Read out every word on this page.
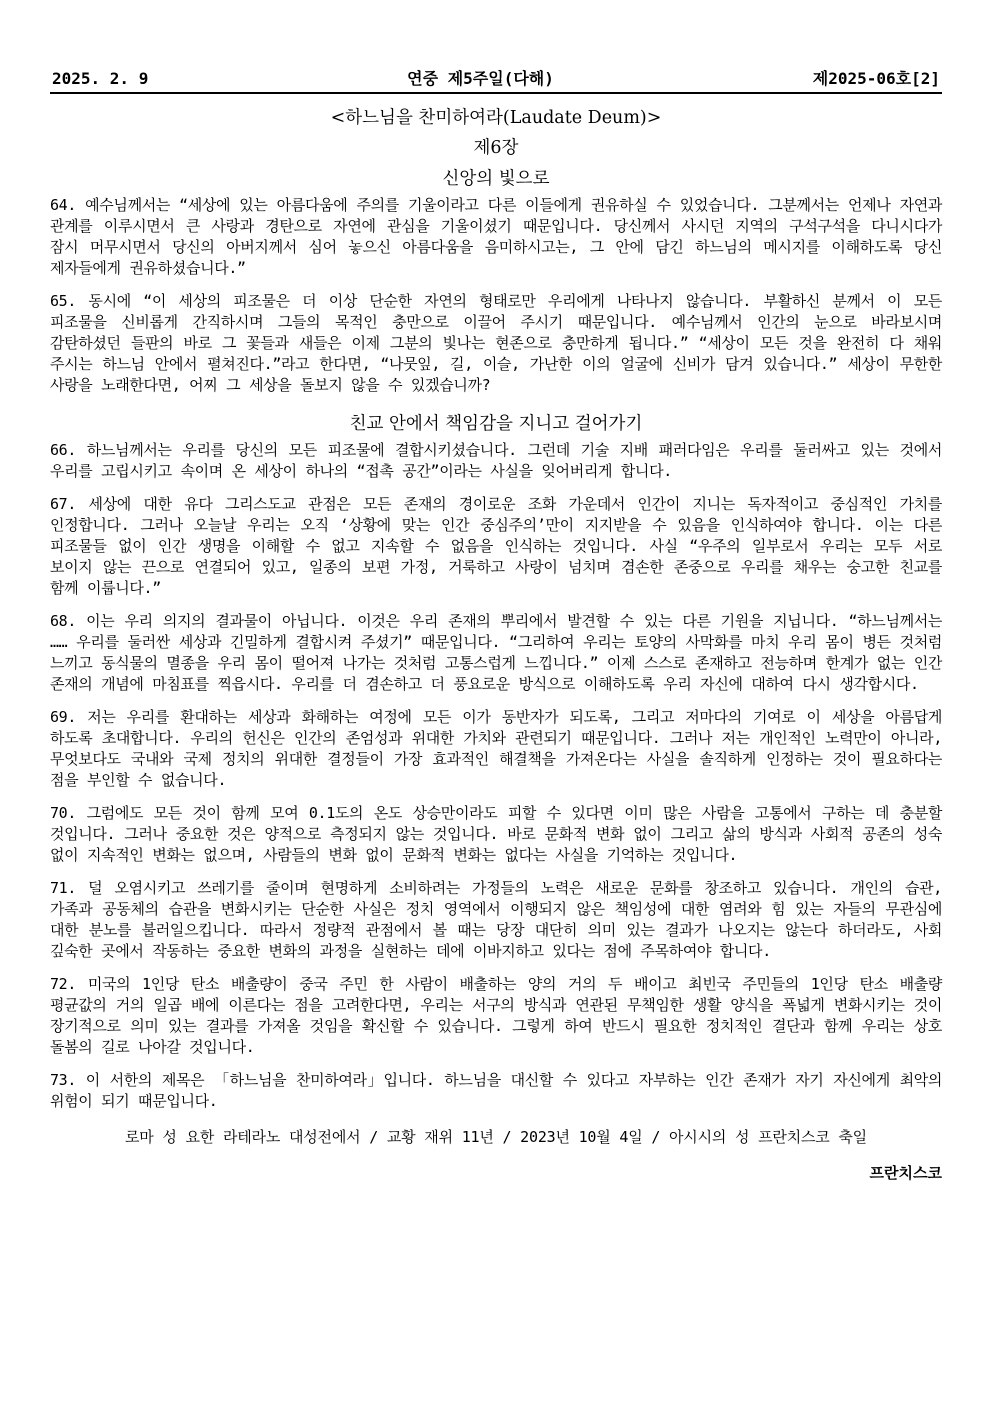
2025. 2. 9	연중 제5주일(다해)	제2025-06호[2]
<하느님을 찬미하여라(Laudate Deum)>
제6장
신앙의 빛으로

64. 예수님께서는 “세상에 있는 아름다움에 주의를 기울이라고 다른 이들에게 권유하실 수 있었습니다. 그분께서는 언제나 자연과 관계를 이루시면서 큰 사랑과 경탄으로 자연에 관심을 기울이셨기 때문입니다. 당신께서 사시던 지역의 구석구석을 다니시다가 잠시 머무시면서 당신의 아버지께서 심어 놓으신 아름다움을 음미하시고는, 그 안에 담긴 하느님의 메시지를 이해하도록 당신 제자들에게 권유하셨습니다.”

65. 동시에 “이 세상의 피조물은 더 이상 단순한 자연의 형태로만 우리에게 나타나지 않습니다. 부활하신 분께서 이 모든 피조물을 신비롭게 간직하시며 그들의 목적인 충만으로 이끌어 주시기 때문입니다. 예수님께서 인간의 눈으로 바라보시며 감탄하셨던 들판의 바로 그 꽃들과 새들은 이제 그분의 빛나는 현존으로 충만하게 됩니다.” “세상이 모든 것을 완전히 다 채워 주시는 하느님 안에서 펼쳐진다.”라고 한다면, “나뭇잎, 길, 이슬, 가난한 이의 얼굴에 신비가 담겨 있습니다.” 세상이 무한한 사랑을 노래한다면, 어찌 그 세상을 돌보지 않을 수 있겠습니까?

친교 안에서 책임감을 지니고 걸어가기

66. 하느님께서는 우리를 당신의 모든 피조물에 결합시키셨습니다. 그런데 기술 지배 패러다임은 우리를 둘러싸고 있는 것에서 우리를 고립시키고 속이며 온 세상이 하나의 “접촉 공간”이라는 사실을 잊어버리게 합니다.

67. 세상에 대한 유다 그리스도교 관점은 모든 존재의 경이로운 조화 가운데서 인간이 지니는 독자적이고 중심적인 가치를 인정합니다. 그러나 오늘날 우리는 오직 ‘상황에 맞는 인간 중심주의’만이 지지받을 수 있음을 인식하여야 합니다. 이는 다른 피조물들 없이 인간 생명을 이해할 수 없고 지속할 수 없음을 인식하는 것입니다. 사실 “우주의 일부로서 우리는 모두 서로 보이지 않는 끈으로 연결되어 있고, 일종의 보편 가정, 거룩하고 사랑이 넘치며 겸손한 존중으로 우리를 채우는 숭고한 친교를 함께 이룹니다.”

68. 이는 우리 의지의 결과물이 아닙니다. 이것은 우리 존재의 뿌리에서 발견할 수 있는 다른 기원을 지닙니다. “하느님께서는 …… 우리를 둘러싼 세상과 긴밀하게 결합시켜 주셨기” 때문입니다. “그리하여 우리는 토양의 사막화를 마치 우리 몸이 병든 것처럼 느끼고 동식물의 멸종을 우리 몸이 떨어져 나가는 것처럼 고통스럽게 느낍니다.” 이제 스스로 존재하고 전능하며 한계가 없는 인간 존재의 개념에 마침표를 찍읍시다. 우리를 더 겸손하고 더 풍요로운 방식으로 이해하도록 우리 자신에 대하여 다시 생각합시다.

69. 저는 우리를 환대하는 세상과 화해하는 여정에 모든 이가 동반자가 되도록, 그리고 저마다의 기여로 이 세상을 아름답게 하도록 초대합니다. 우리의 헌신은 인간의 존엄성과 위대한 가치와 관련되기 때문입니다. 그러나 저는 개인적인 노력만이 아니라, 무엇보다도 국내와 국제 정치의 위대한 결정들이 가장 효과적인 해결책을 가져온다는 사실을 솔직하게 인정하는 것이 필요하다는 점을 부인할 수 없습니다.

70. 그럼에도 모든 것이 함께 모여 0.1도의 온도 상승만이라도 피할 수 있다면 이미 많은 사람을 고통에서 구하는 데 충분할 것입니다. 그러나 중요한 것은 양적으로 측정되지 않는 것입니다. 바로 문화적 변화 없이 그리고 삶의 방식과 사회적 공존의 성숙 없이 지속적인 변화는 없으며, 사람들의 변화 없이 문화적 변화는 없다는 사실을 기억하는 것입니다.

71. 덜 오염시키고 쓰레기를 줄이며 현명하게 소비하려는 가정들의 노력은 새로운 문화를 창조하고 있습니다. 개인의 습관, 가족과 공동체의 습관을 변화시키는 단순한 사실은 정치 영역에서 이행되지 않은 책임성에 대한 염려와 힘 있는 자들의 무관심에 대한 분노를 불러일으킵니다. 따라서 정량적 관점에서 볼 때는 당장 대단히 의미 있는 결과가 나오지는 않는다 하더라도, 사회 깊숙한 곳에서 작동하는 중요한 변화의 과정을 실현하는 데에 이바지하고 있다는 점에 주목하여야 합니다.

72. 미국의 1인당 탄소 배출량이 중국 주민 한 사람이 배출하는 양의 거의 두 배이고 최빈국 주민들의 1인당 탄소 배출량 평균값의 거의 일곱 배에 이른다는 점을 고려한다면, 우리는 서구의 방식과 연관된 무책임한 생활 양식을 폭넓게 변화시키는 것이 장기적으로 의미 있는 결과를 가져올 것임을 확신할 수 있습니다. 그렇게 하여 반드시 필요한 정치적인 결단과 함께 우리는 상호 돌봄의 길로 나아갈 것입니다.

73. 이 서한의 제목은 「하느님을 찬미하여라」입니다. 하느님을 대신할 수 있다고 자부하는 인간 존재가 자기 자신에게 최악의 위험이 되기 때문입니다.

로마 성 요한 라테라노 대성전에서 / 교황 재위 11년 / 2023년 10월 4일 / 아시시의 성 프란치스코 축일
프란치스코
